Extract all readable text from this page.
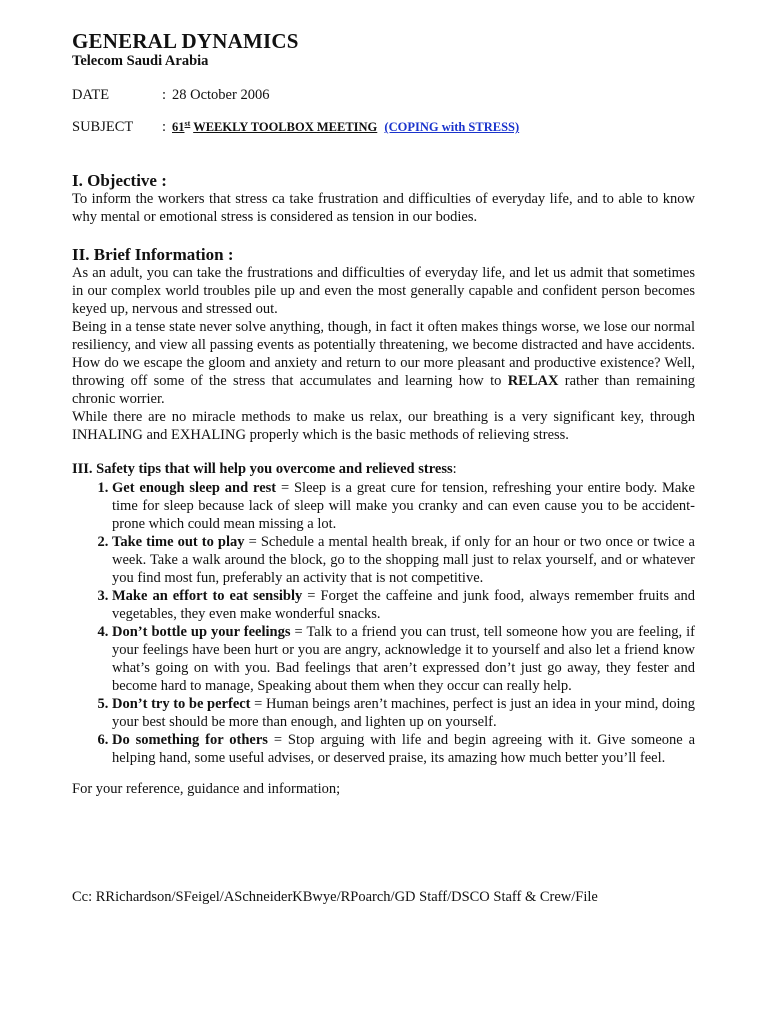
GENERAL DYNAMICS
Telecom Saudi Arabia
DATE	: 28 October 2006
SUBJECT : 61st WEEKLY TOOLBOX MEETING (COPING with STRESS)
I. Objective :

To inform the workers that stress ca take frustration and difficulties of everyday life, and to able to know why mental or emotional stress is considered as tension in our bodies.

II. Brief Information :

As an adult, you can take the frustrations and difficulties of everyday life, and let us admit that sometimes in our complex world troubles pile up and even the most generally capable and confident person becomes keyed up, nervous and stressed out.

Being in a tense state never solve anything, though, in fact it often makes things worse, we lose our normal resiliency, and view all passing events as potentially threatening, we become distracted and have accidents. How do we escape the gloom and anxiety and return to our more pleasant and productive existence? Well, throwing off some of the stress that accumulates and learning how to RELAX rather than remaining chronic worrier.

While there are no miracle methods to make us relax, our breathing is a very significant key, through INHALING and EXHALING properly which is the basic methods of relieving stress.

III. Safety tips that will help you overcome and relieved stress:
1. Get enough sleep and rest = Sleep is a great cure for tension, refreshing your entire body. Make time for sleep because lack of sleep will make you cranky and can even cause you to be accident-prone which could mean missing a lot.
2. Take time out to play = Schedule a mental health break, if only for an hour or two once or twice a week. Take a walk around the block, go to the shopping mall just to relax yourself, and or whatever you find most fun, preferably an activity that is not competitive.
3. Make an effort to eat sensibly = Forget the caffeine and junk food, always remember fruits and vegetables, they even make wonderful snacks.
4. Don’t bottle up your feelings = Talk to a friend you can trust, tell someone how you are feeling, if your feelings have been hurt or you are angry, acknowledge it to yourself and also let a friend know what’s going on with you. Bad feelings that aren’t expressed don’t just go away, they fester and become hard to manage, Speaking about them when they occur can really help.
5. Don’t try to be perfect = Human beings aren’t machines, perfect is just an idea in your mind, doing your best should be more than enough, and lighten up on yourself.
6. Do something for others = Stop arguing with life and begin agreeing with it. Give someone a helping hand, some useful advises, or deserved praise, its amazing how much better you’ll feel.
For your reference, guidance and information;
Cc: RRichardson/SFeigel/ASchneiderKBwye/RPoarch/GD Staff/DSCO Staff & Crew/File
